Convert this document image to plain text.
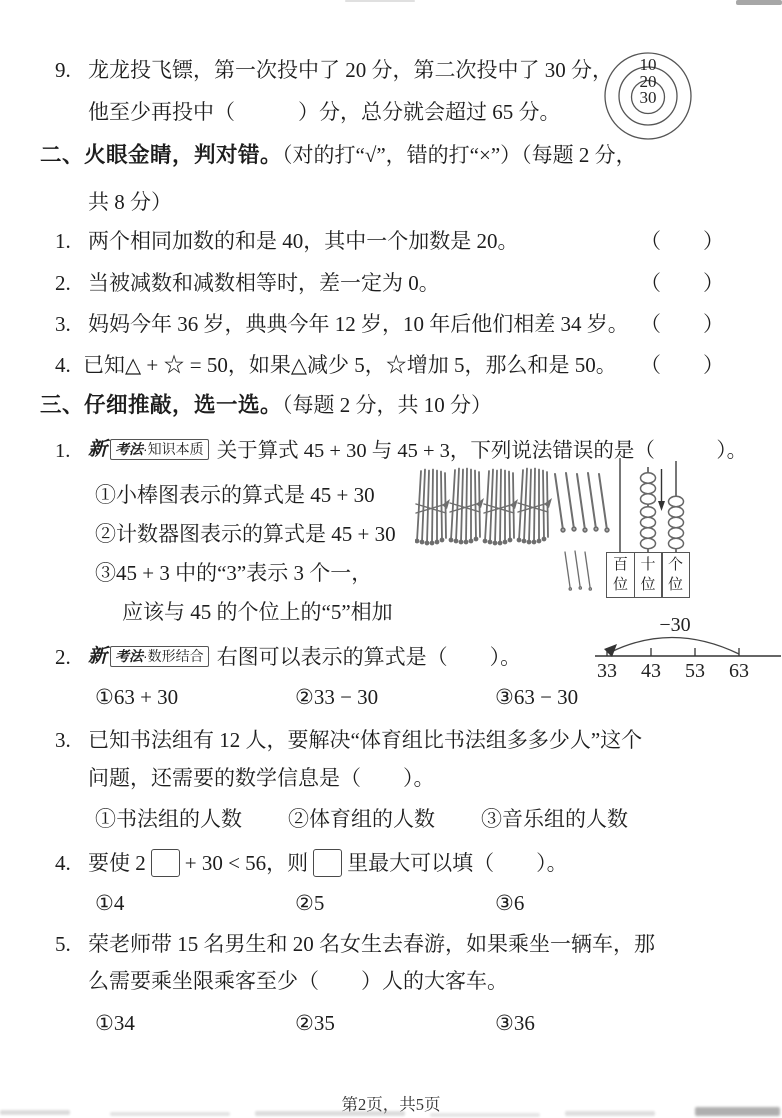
9. 龙龙投飞镖，第一次投中了 20 分，第二次投中了 30 分，
他至少再投中（　　　）分，总分就会超过 65 分。
10
20
30
二、火眼金睛，判对错。（对的打“√”，错的打“×”）（每题 2 分，
共 8 分）
1. 两个相同加数的和是 40，其中一个加数是 20。	（　　）
2. 当被减数和减数相等时，差一定为 0。	（　　）
3. 妈妈今年 36 岁，典典今年 12 岁，10 年后他们相差 34 岁。 （　　）
4. 已知△ + ☆ = 50，如果△减少 5，☆增加 5，那么和是 50。 （　　）
三、仔细推敲，选一选。（每题 2 分，共 10 分）
1. 新 考法·知识本质 关于算式 45 + 30 与 45 + 3，下列说法错误的是（　　　）。
①小棒图表示的算式是 45 + 30
②计数器图表示的算式是 45 + 30
③45 + 3 中的“3”表示 3 个一，
应该与 45 的个位上的“5”相加
百位
十位
个位
2. 新 考法·数形结合 右图可以表示的算式是（　　）。
−30
33 43 53 63
①63 + 30	②33 − 30	③63 − 30
3. 已知书法组有 12 人，要解决“体育组比书法组多多少人”这个
问题，还需要的数学信息是（　　）。
①书法组的人数	②体育组的人数	③音乐组的人数
4. 要使 2 + 30 < 56，则 里最大可以填（　　）。
①4	②5	③6
5. 荣老师带 15 名男生和 20 名女生去春游，如果乘坐一辆车，那
么需要乘坐限乘客至少（　　）人的大客车。
①34	②35	③36
第2页，共5页
